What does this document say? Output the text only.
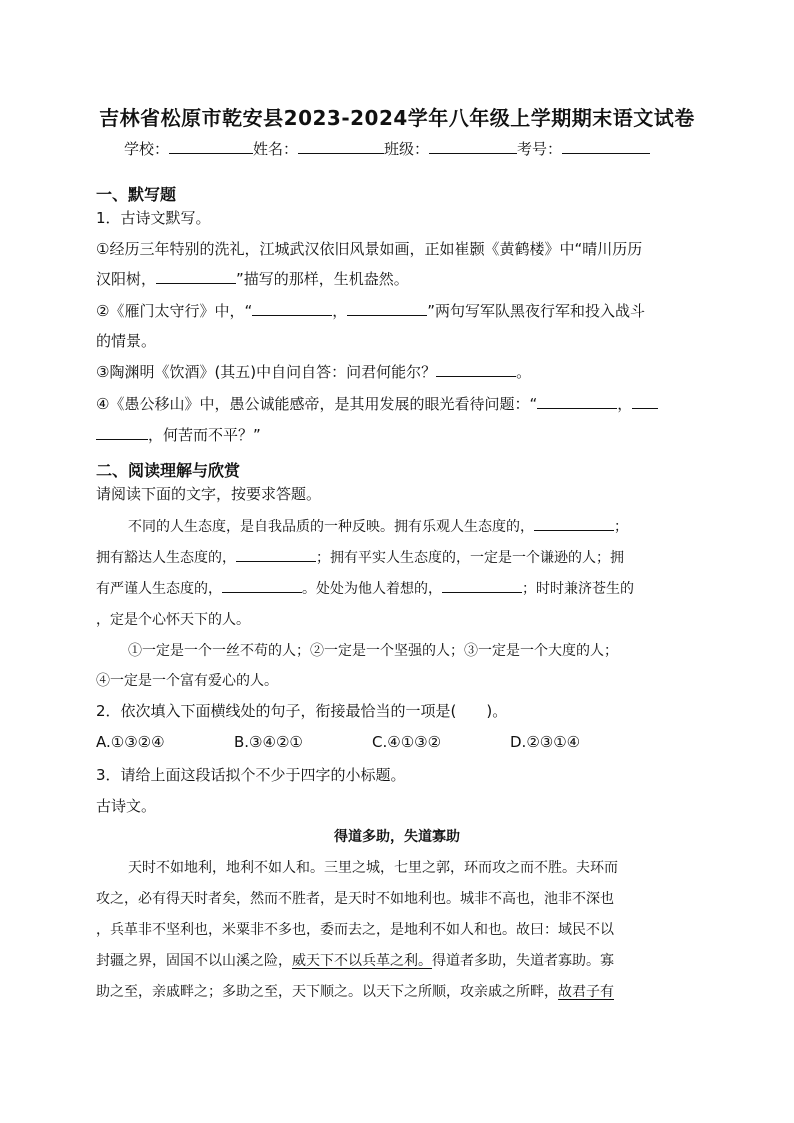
吉林省松原市乾安县2023-2024学年八年级上学期期末语文试卷
学校：	姓名：	班级：	考号：
一、默写题
1．古诗文默写。
①经历三年特别的洗礼，江城武汉依旧风景如画，正如崔颢《黄鹤楼》中“晴川历历
汉阳树，	”描写的那样，生机盎然。
②《雁门太守行》中，“	，	”两句写军队黑夜行军和投入战斗
的情景。
③陶渊明《饮酒》(其五)中自问自答：问君何能尔？	。
④《愚公移山》中，愚公诚能感帝，是其用发展的眼光看待问题：“	，
，何苦而不平？”
二、阅读理解与欣赏
请阅读下面的文字，按要求答题。
不同的人生态度，是自我品质的一种反映。拥有乐观人生态度的，	；
拥有豁达人生态度的，	；拥有平实人生态度的，一定是一个谦逊的人；拥
有严谨人生态度的，	。处处为他人着想的，	；时时兼济苍生的
，定是个心怀天下的人。
①一定是一个一丝不苟的人；②一定是一个坚强的人；③一定是一个大度的人；
④一定是一个富有爱心的人。
2．依次填入下面横线处的句子，衔接最恰当的一项是(　　)。
A.①③②④	B.③④②①	C.④①③②	D.②③①④
3．请给上面这段话拟个不少于四字的小标题。
古诗文。
得道多助，失道寡助
天时不如地利，地利不如人和。三里之城，七里之郭，环而攻之而不胜。夫环而
攻之，必有得天时者矣，然而不胜者，是天时不如地利也。城非不高也，池非不深也
，兵革非不坚利也，米粟非不多也，委而去之，是地利不如人和也。故曰：域民不以
封疆之界，固国不以山溪之险，威天下不以兵革之利。得道者多助，失道者寡助。寡
助之至，亲戚畔之；多助之至，天下顺之。以天下之所顺，攻亲戚之所畔，故君子有
